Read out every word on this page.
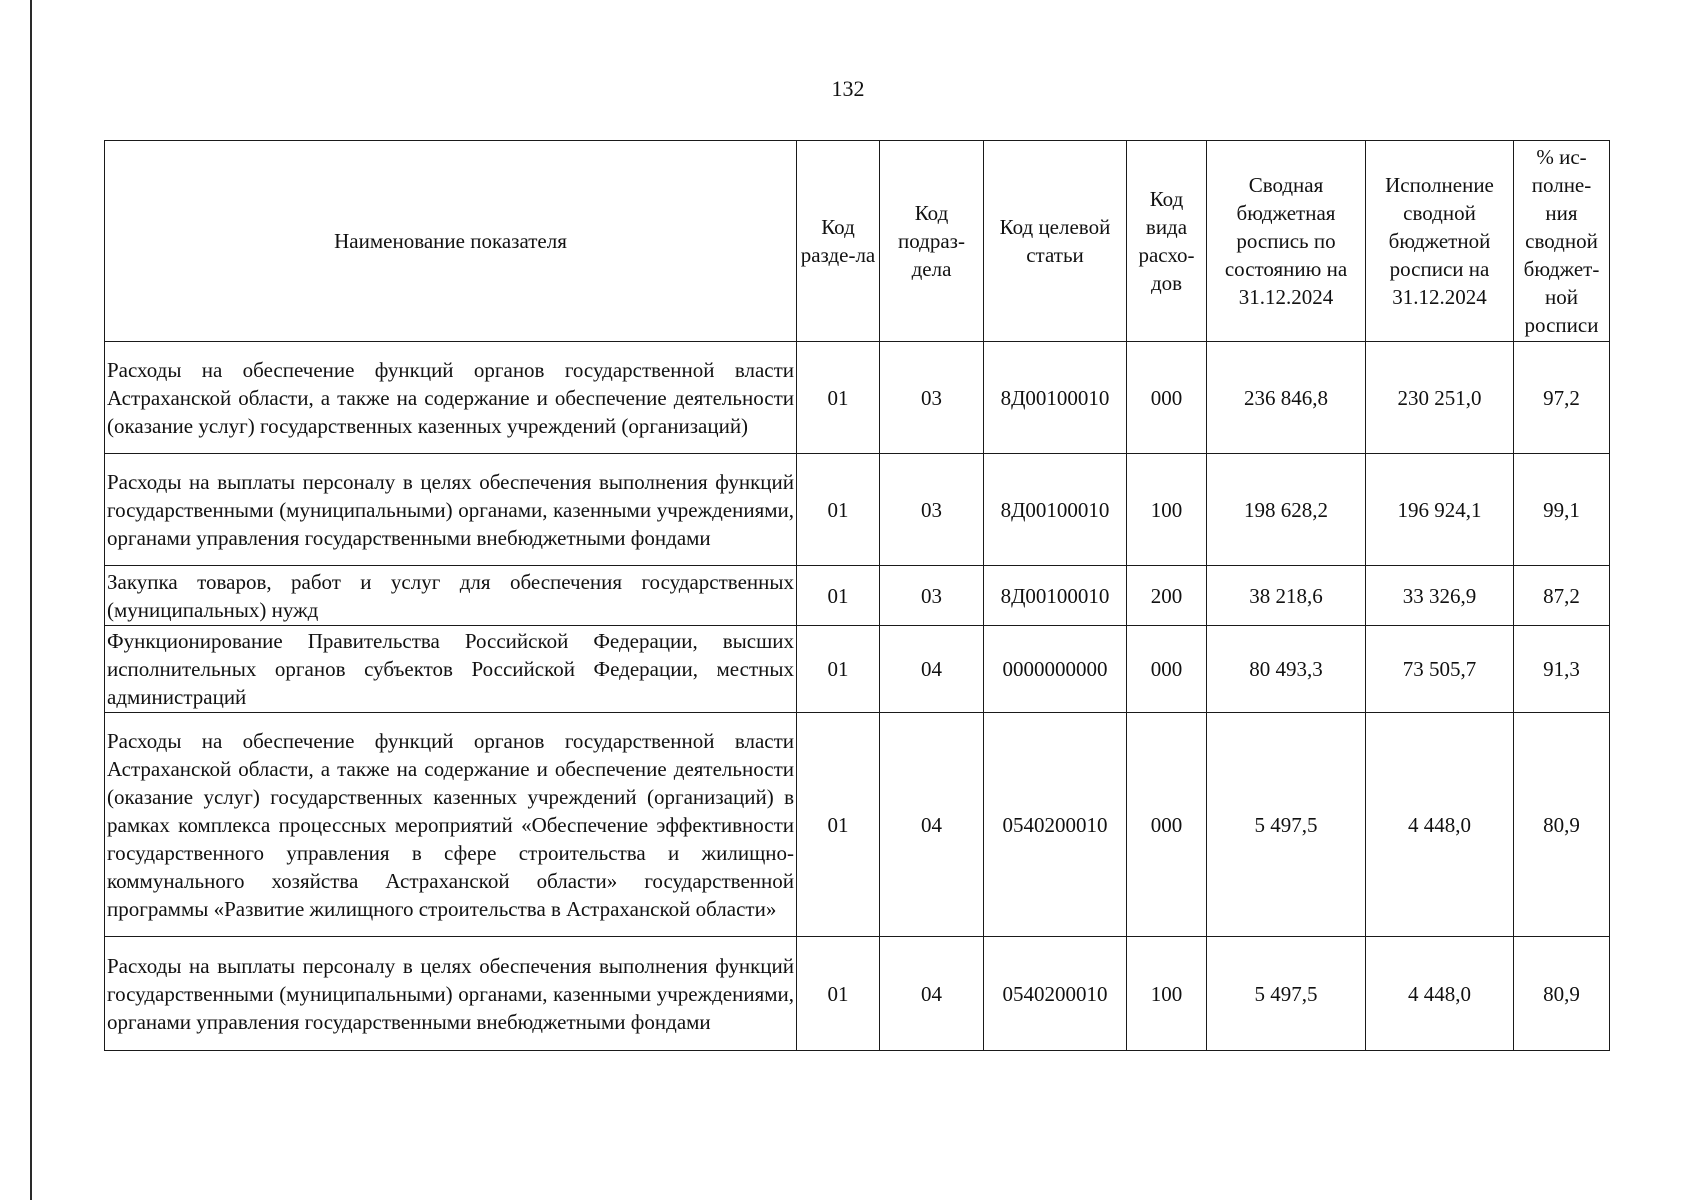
132
Наименование показателя	Код разде-ла	Код подраз-дела	Код целевой статьи	Код вида расхо-дов	Сводная бюджетная роспись по состоянию на 31.12.2024	Исполнение сводной бюджетной росписи на 31.12.2024	% ис-полне-ния сводной бюджет-ной росписи
Расходы на обеспечение функций органов государственной власти Астраханской области, а также на содержание и обеспечение деятельности (оказание услуг) государственных казенных учреждений (организаций)	01	03	8Д00100010	000	236 846,8	230 251,0	97,2
Расходы на выплаты персоналу в целях обеспечения выполнения функций государственными (муниципальными) органами, казенными учреждениями, органами управления государственными внебюджетными фондами	01	03	8Д00100010	100	198 628,2	196 924,1	99,1
Закупка товаров, работ и услуг для обеспечения государственных (муниципальных) нужд	01	03	8Д00100010	200	38 218,6	33 326,9	87,2
Функционирование Правительства Российской Федерации, высших исполнительных органов субъектов Российской Федерации, местных администраций	01	04	0000000000	000	80 493,3	73 505,7	91,3
Расходы на обеспечение функций органов государственной власти Астраханской области, а также на содержание и обеспечение деятельности (оказание услуг) государственных казенных учреждений (организаций) в рамках комплекса процессных мероприятий «Обеспечение эффективности государственного управления в сфере строительства и жилищно-коммунального хозяйства Астраханской области» государственной программы «Развитие жилищного строительства в Астраханской области»	01	04	0540200010	000	5 497,5	4 448,0	80,9
Расходы на выплаты персоналу в целях обеспечения выполнения функций государственными (муниципальными) органами, казенными учреждениями, органами управления государственными внебюджетными фондами	01	04	0540200010	100	5 497,5	4 448,0	80,9
